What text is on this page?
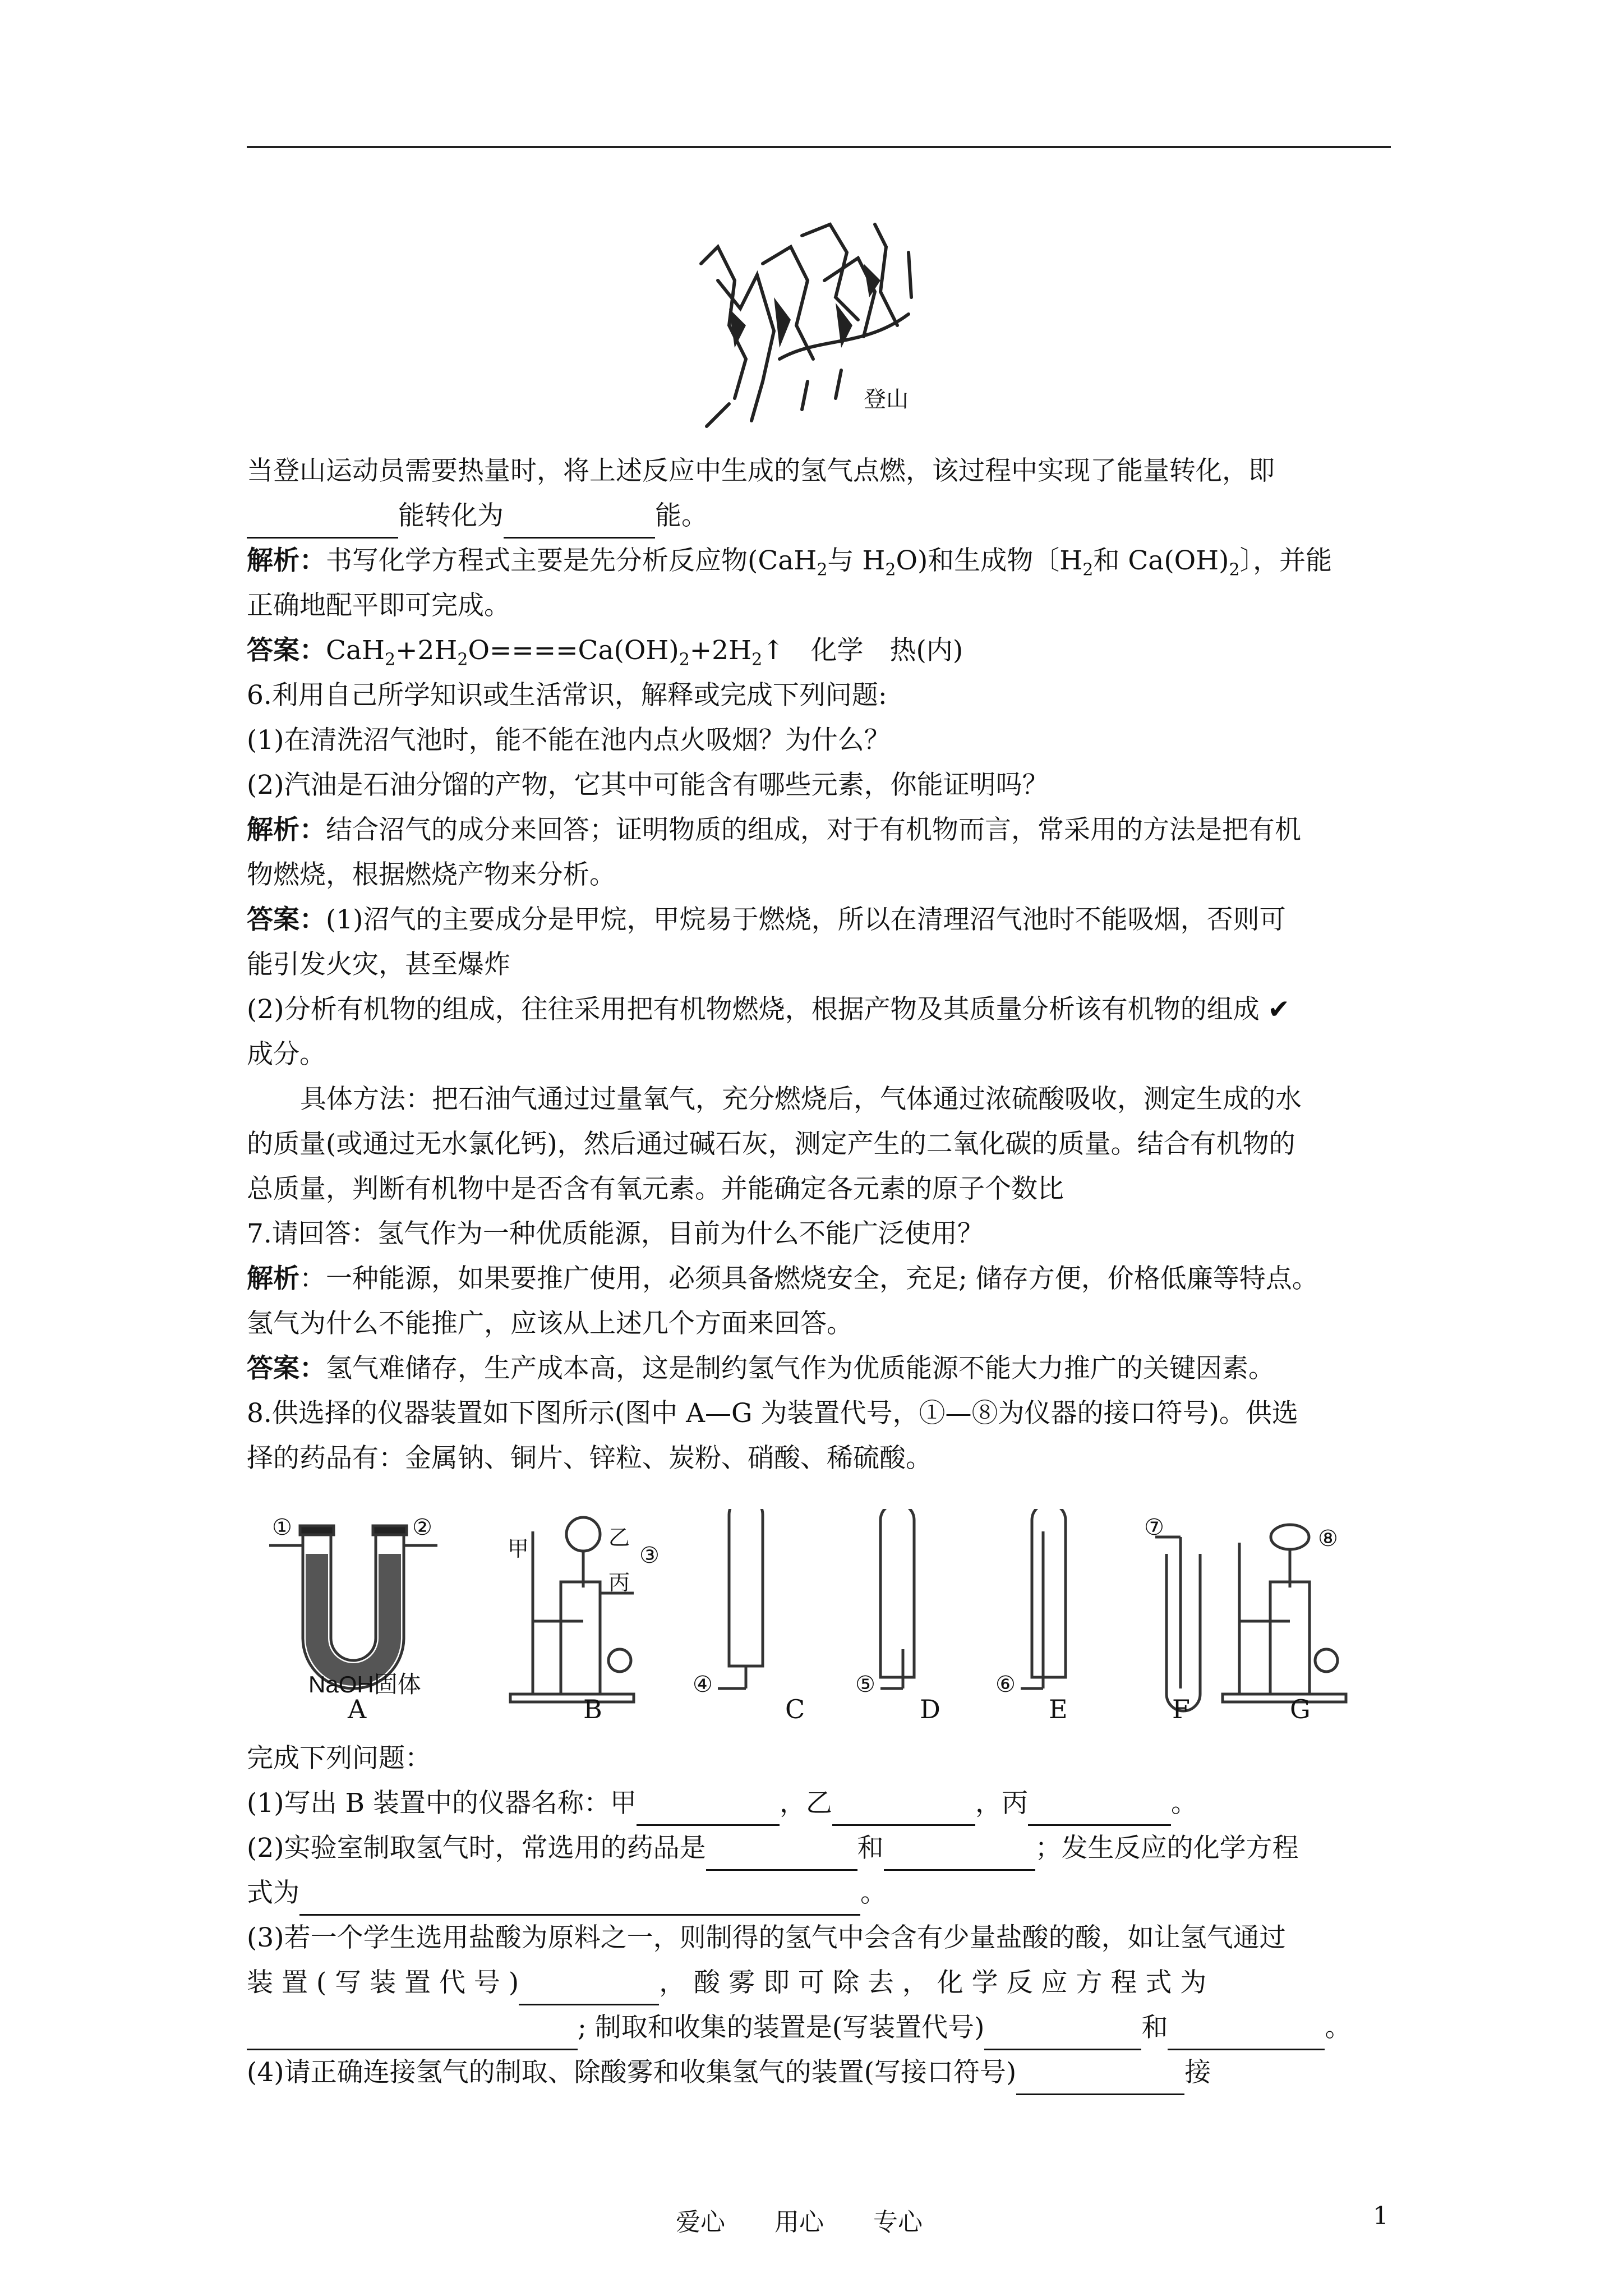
登山
当登山运动员需要热量时，将上述反应中生成的氢气点燃，该过程中实现了能量转化，即
能转化为	能。
解析：书写化学方程式主要是先分析反应物(CaH$_2$与 $H_2O$)和生成物〔$H_2$和 $Ca(OH)_2$〕，并能
正确地配平即可完成。
答案：$CaH_2+2H_2O====Ca(OH)_2+2H_2↑$　化学　热(内)
6.利用自己所学知识或生活常识，解释或完成下列问题:
(1)在清洗沼气池时，能不能在池内点火吸烟？为什么？
(2)汽油是石油分馏的产物，它其中可能含有哪些元素，你能证明吗？
解析：结合沼气的成分来回答；证明物质的组成，对于有机物而言，常采用的方法是把有机
物燃烧，根据燃烧产物来分析。
答案：(1)沼气的主要成分是甲烷，甲烷易于燃烧，所以在清理沼气池时不能吸烟，否则可
能引发火灾，甚至爆炸
(2)分析有机物的组成，往往采用把有机物燃烧，根据产物及其质量分析该有机物的组成 ✔
成分。
具体方法：把石油气通过过量氧气，充分燃烧后，气体通过浓硫酸吸收，测定生成的水
的质量(或通过无水氯化钙)，然后通过碱石灰，测定产生的二氧化碳的质量。结合有机物的
总质量，判断有机物中是否含有氧元素。并能确定各元素的原子个数比
7.请回答：氢气作为一种优质能源，目前为什么不能广泛使用？
解析：一种能源，如果要推广使用，必须具备燃烧安全，充足; 储存方便，价格低廉等特点。
氢气为什么不能推广，应该从上述几个方面来回答。
答案：氢气难储存，生产成本高，这是制约氢气作为优质能源不能大力推广的关键因素。
8.供选择的仪器装置如下图所示(图中 A—G 为装置代号，①—⑧为仪器的接口符号)。供选
择的药品有：金属钠、铜片、锌粒、炭粉、硝酸、稀硫酸。
NaOH固体
A	B	C	D	E	F	G
甲	乙
丙
①	②
③
④	⑤	⑥
⑦	⑧
完成下列问题：
(1)写出 B 装置中的仪器名称：甲	，乙	，丙	。
(2)实验室制取氢气时，常选用的药品是	和	；发生反应的化学方程
式为	。
(3)若一个学生选用盐酸为原料之一，则制得的氢气中会含有少量盐酸的酸，如让氢气通过
装 置 ( 写 装 置 代 号 )	， 酸 雾 即 可 除 去 ， 化 学 反 应 方 程 式 为
; 制取和收集的装置是(写装置代号)	和	。
(4)请正确连接氢气的制取、除酸雾和收集氢气的装置(写接口符号)	接
爱心　　用心　　专心	1
